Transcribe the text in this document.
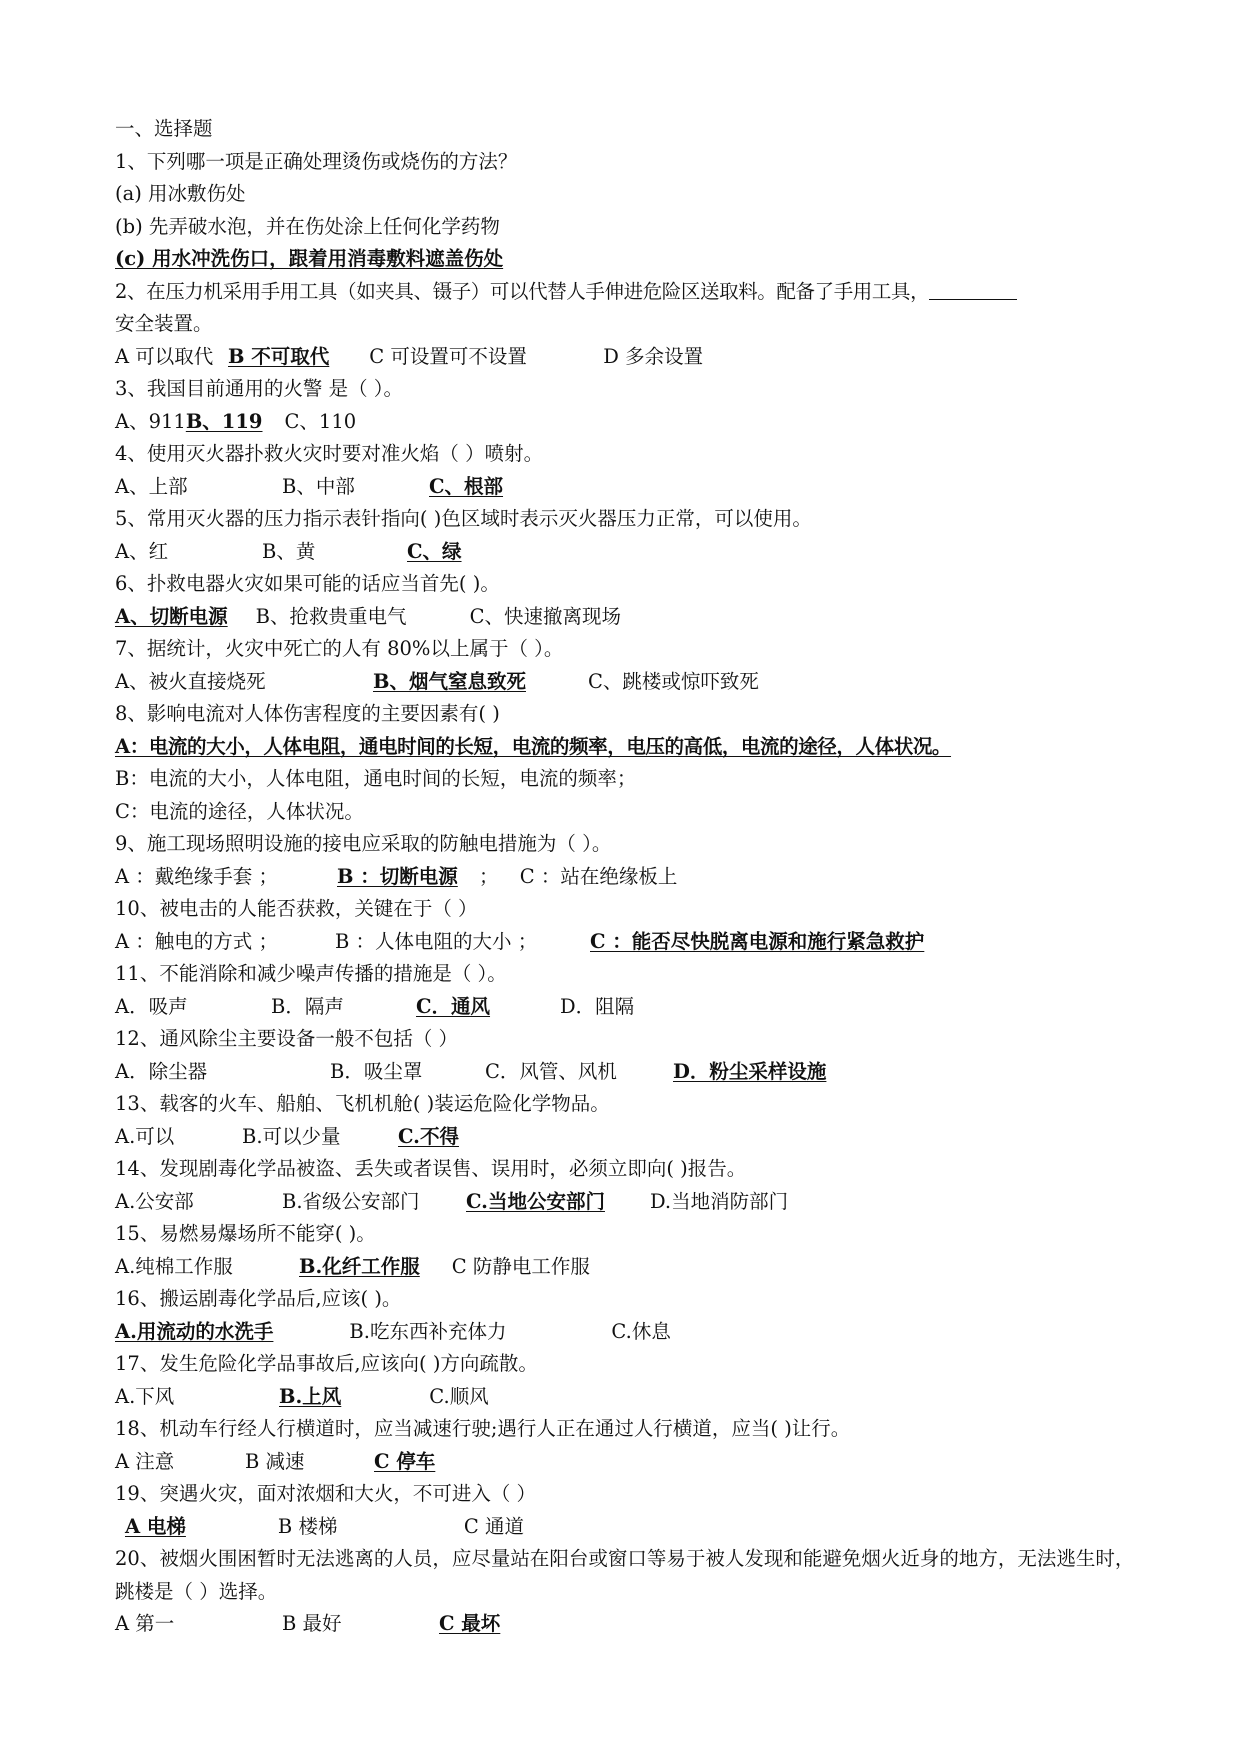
一、选择题
1、下列哪一项是正确处理烫伤或烧伤的方法？
(a) 用冰敷伤处
(b) 先弄破水泡，并在伤处涂上任何化学药物
(c) 用水冲洗伤口，跟着用消毒敷料遮盖伤处
2、在压力机采用手用工具（如夹具、镊子）可以代替人手伸进危险区送取料。配备了手用工具，
安全装置。
A 可以取代 B 不可取代 C 可设置可不设置	D 多余设置
3、我国目前通用的火警 是（ ）。
A、911B、119 C、110
4、使用灭火器扑救火灾时要对准火焰（ ）喷射。
A、上部	B、中部	C、根部
5、常用灭火器的压力指示表针指向( )色区域时表示灭火器压力正常，可以使用。
A、红	B、黄	C、绿
6、扑救电器火灾如果可能的话应当首先( )。
A、切断电源 B、抢救贵重电气	C、快速撤离现场
7、据统计，火灾中死亡的人有 80%以上属于（ ）。
A、被火直接烧死	B、烟气窒息致死	C、跳楼或惊吓致死
8、影响电流对人体伤害程度的主要因素有( )
A：电流的大小，人体电阻，通电时间的长短，电流的频率，电压的高低，电流的途径，人体状况。
B：电流的大小，人体电阻，通电时间的长短，电流的频率；
C：电流的途径，人体状况。
9、施工现场照明设施的接电应采取的防触电措施为（ ）。
A ：戴绝缘手套 ；	B ：切断电源 ； C ：站在绝缘板上
10、被电击的人能否获救，关键在于（ ）
A ：触电的方式 ；	B ：人体电阻的大小 ；	C ：能否尽快脱离电源和施行紧急救护
11、不能消除和减少噪声传播的措施是（ ）。
A．吸声	B．隔声	C．通风	D．阻隔
12、通风除尘主要设备一般不包括（ ）
A．除尘器	B．吸尘罩	C．风管、风机	D．粉尘采样设施
13、载客的火车、船舶、飞机机舱( )装运危险化学物品。
A.可以	B.可以少量	C.不得
14、发现剧毒化学品被盗、丢失或者误售、误用时，必须立即向( )报告。
A.公安部	B.省级公安部门 C.当地公安部门 D.当地消防部门
15、易燃易爆场所不能穿( )。
A.纯棉工作服	B.化纤工作服 C 防静电工作服
16、搬运剧毒化学品后,应该( )。
A.用流动的水洗手	B.吃东西补充体力	C.休息
17、发生危险化学品事故后,应该向( )方向疏散。
A.下风	B.上风	C.顺风
18、机动车行经人行横道时，应当减速行驶;遇行人正在通过人行横道，应当( )让行。
A 注意	B 减速	C 停车
19、突遇火灾，面对浓烟和大火，不可进入（ ）
A 电梯	B 楼梯	C 通道
20、被烟火围困暂时无法逃离的人员，应尽量站在阳台或窗口等易于被人发现和能避免烟火近身的地方，无法逃生时，跳楼是（ ）选择。
A 第一	B 最好	C 最坏
